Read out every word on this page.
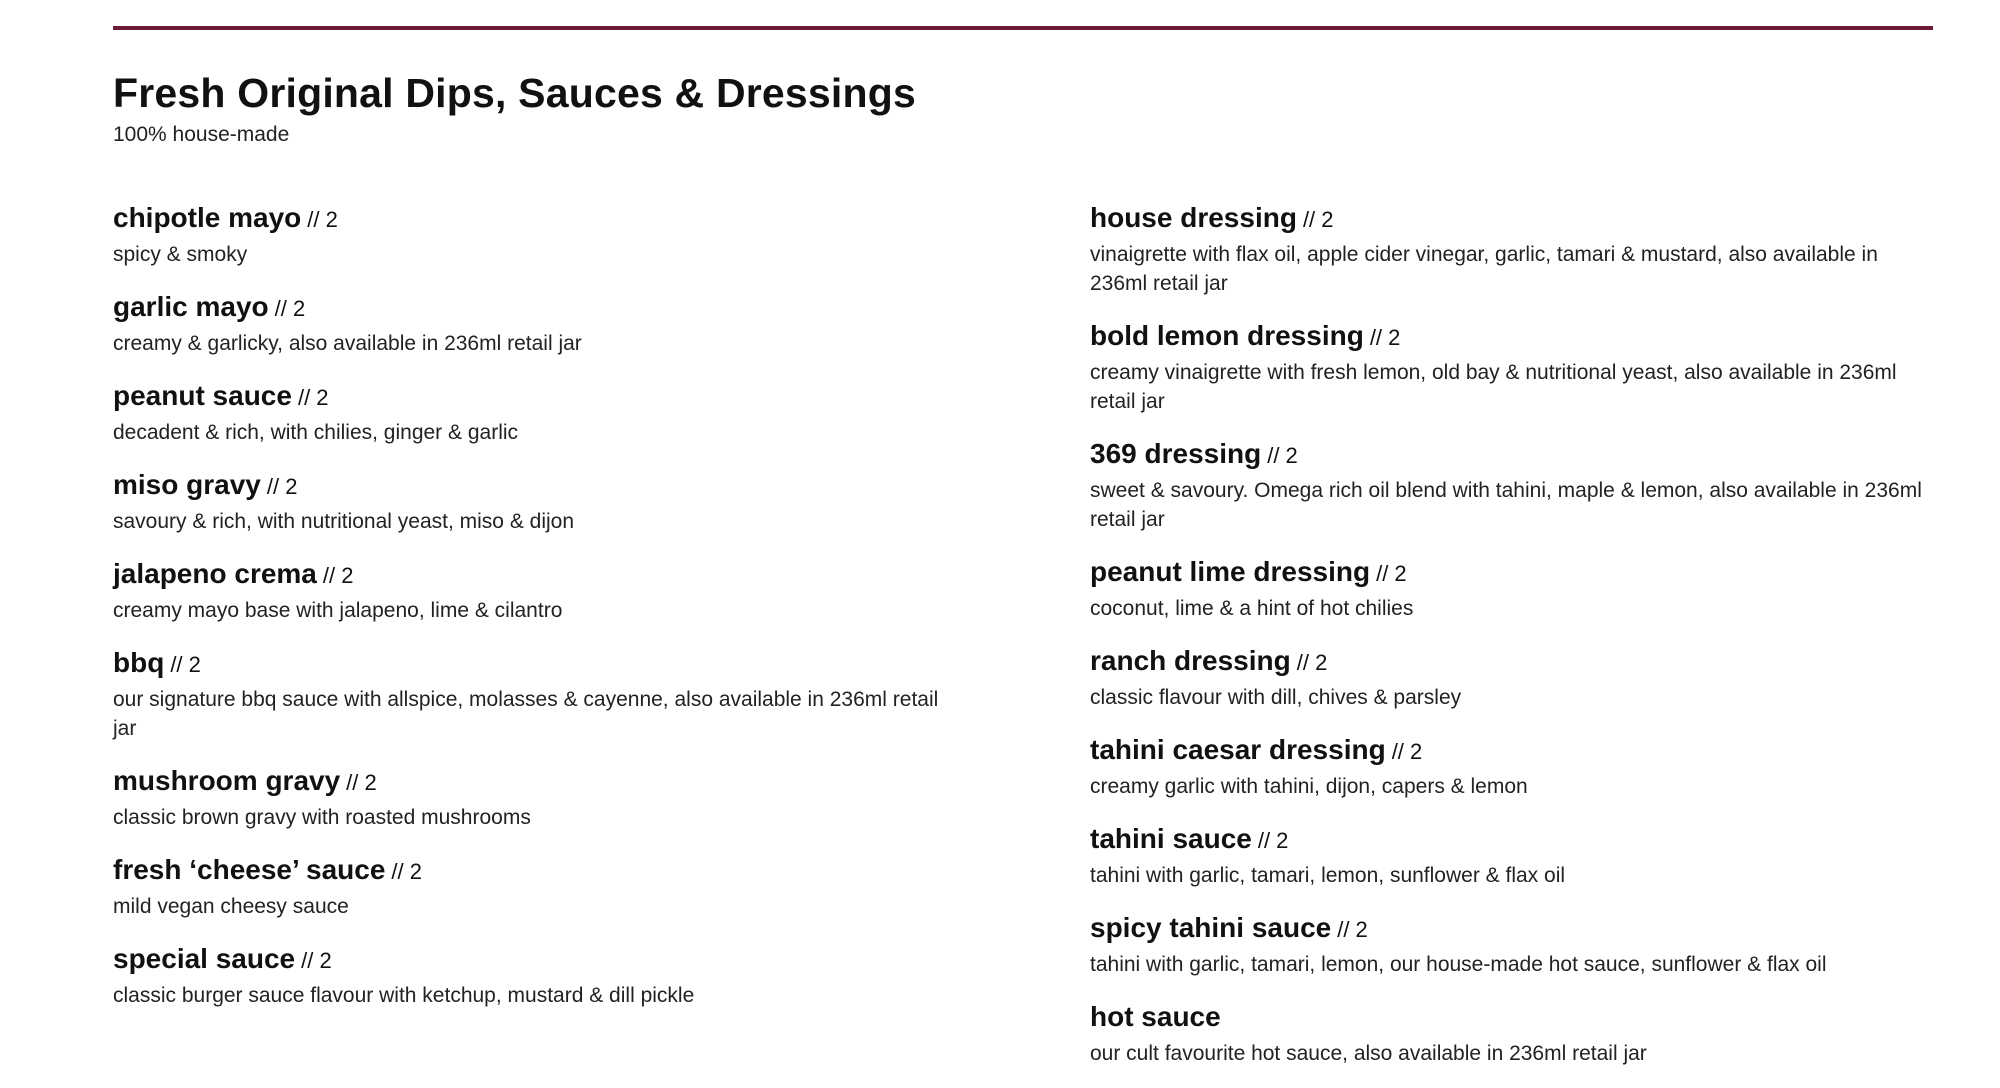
Fresh Original Dips, Sauces & Dressings

100% house-made

chipotle mayo // 2
spicy & smoky
garlic mayo // 2
creamy & garlicky, also available in 236ml retail jar
peanut sauce // 2
decadent & rich, with chilies, ginger & garlic
miso gravy // 2
savoury & rich, with nutritional yeast, miso & dijon
jalapeno crema // 2
creamy mayo base with jalapeno, lime & cilantro
bbq // 2
our signature bbq sauce with allspice, molasses & cayenne, also available in 236ml retail jar
mushroom gravy // 2
classic brown gravy with roasted mushrooms
fresh ‘cheese’ sauce // 2
mild vegan cheesy sauce
special sauce // 2
classic burger sauce flavour with ketchup, mustard & dill pickle
house dressing // 2
vinaigrette with flax oil, apple cider vinegar, garlic, tamari & mustard, also available in 236ml retail jar
bold lemon dressing // 2
creamy vinaigrette with fresh lemon, old bay & nutritional yeast, also available in 236ml retail jar
369 dressing // 2
sweet & savoury. Omega rich oil blend with tahini, maple & lemon, also available in 236ml retail jar
peanut lime dressing // 2
coconut, lime & a hint of hot chilies
ranch dressing // 2
classic flavour with dill, chives & parsley
tahini caesar dressing // 2
creamy garlic with tahini, dijon, capers & lemon
tahini sauce // 2
tahini with garlic, tamari, lemon, sunflower & flax oil
spicy tahini sauce // 2
tahini with garlic, tamari, lemon, our house-made hot sauce, sunflower & flax oil
hot sauce
our cult favourite hot sauce, also available in 236ml retail jar
